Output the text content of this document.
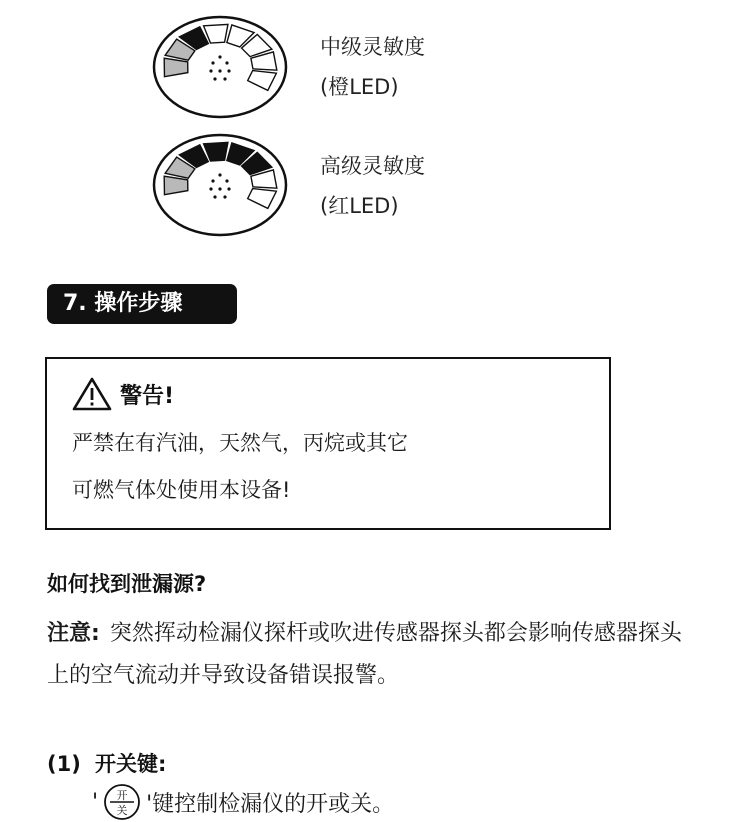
中级灵敏度
(橙LED)
高级灵敏度
(红LED)
7. 操作步骤
警告!
严禁在有汽油，天然气，丙烷或其它
可燃气体处使用本设备!
如何找到泄漏源?
注意: 突然挥动检漏仪探杆或吹进传感器探头都会影响传感器探头上的空气流动并导致设备错误报警。
(1) 开关键:
' 开
关 '键控制检漏仪的开或关。
